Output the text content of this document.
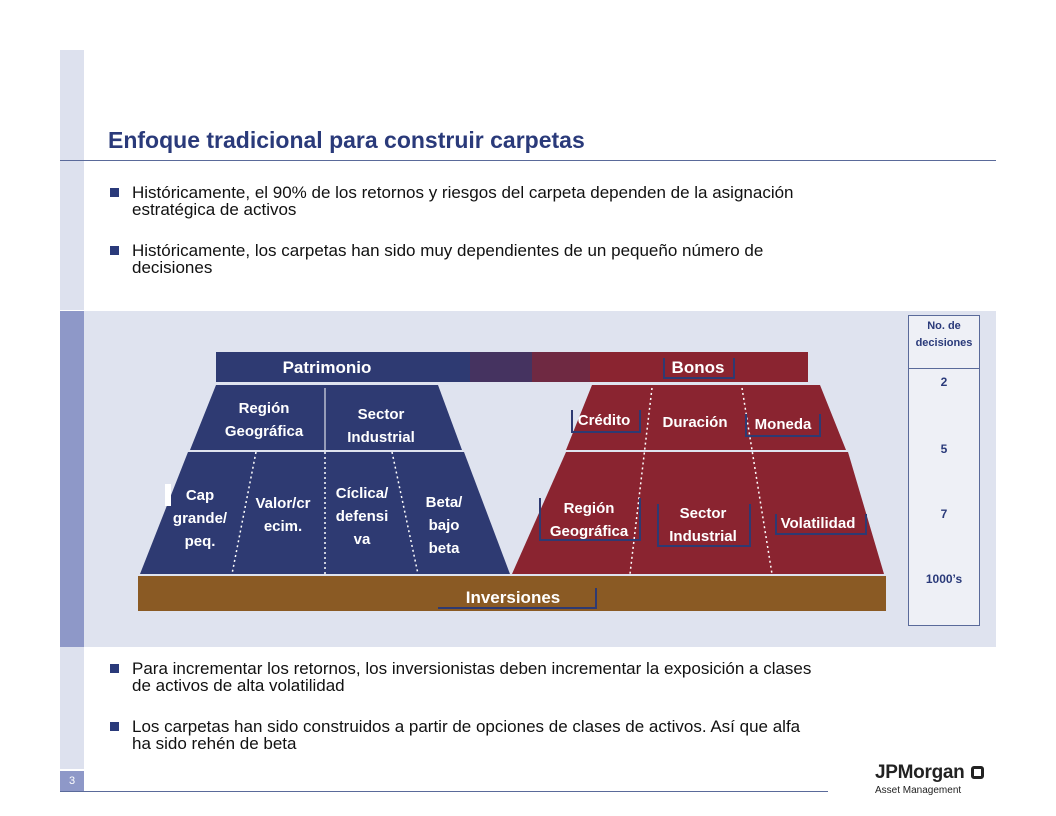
3
Enfoque tradicional para construir carpetas
Históricamente, el 90% de los retornos y riesgos del carpeta dependen de la asignación
estratégica de activos
Históricamente, los carpetas han sido muy dependientes de un pequeño número de
decisiones
Patrimonio	Bonos
Región
Geográfica
Sector
Industrial
Crédito Duración Moneda
Cap
grande/
peq.
Valor/cr
ecim.
Cíclica/
defensi
va
Beta/
bajo
beta
Región
Geográfica
Sector
Industrial
Volatilidad
Inversiones
No. de
decisiones
2
5
7
1000’s
Para incrementar los retornos, los inversionistas deben incrementar la exposición a clases
de activos de alta volatilidad
Los carpetas han sido construidos a partir de opciones de clases de activos. Así que alfa
ha sido rehén de beta
JPMorgan
Asset Management
